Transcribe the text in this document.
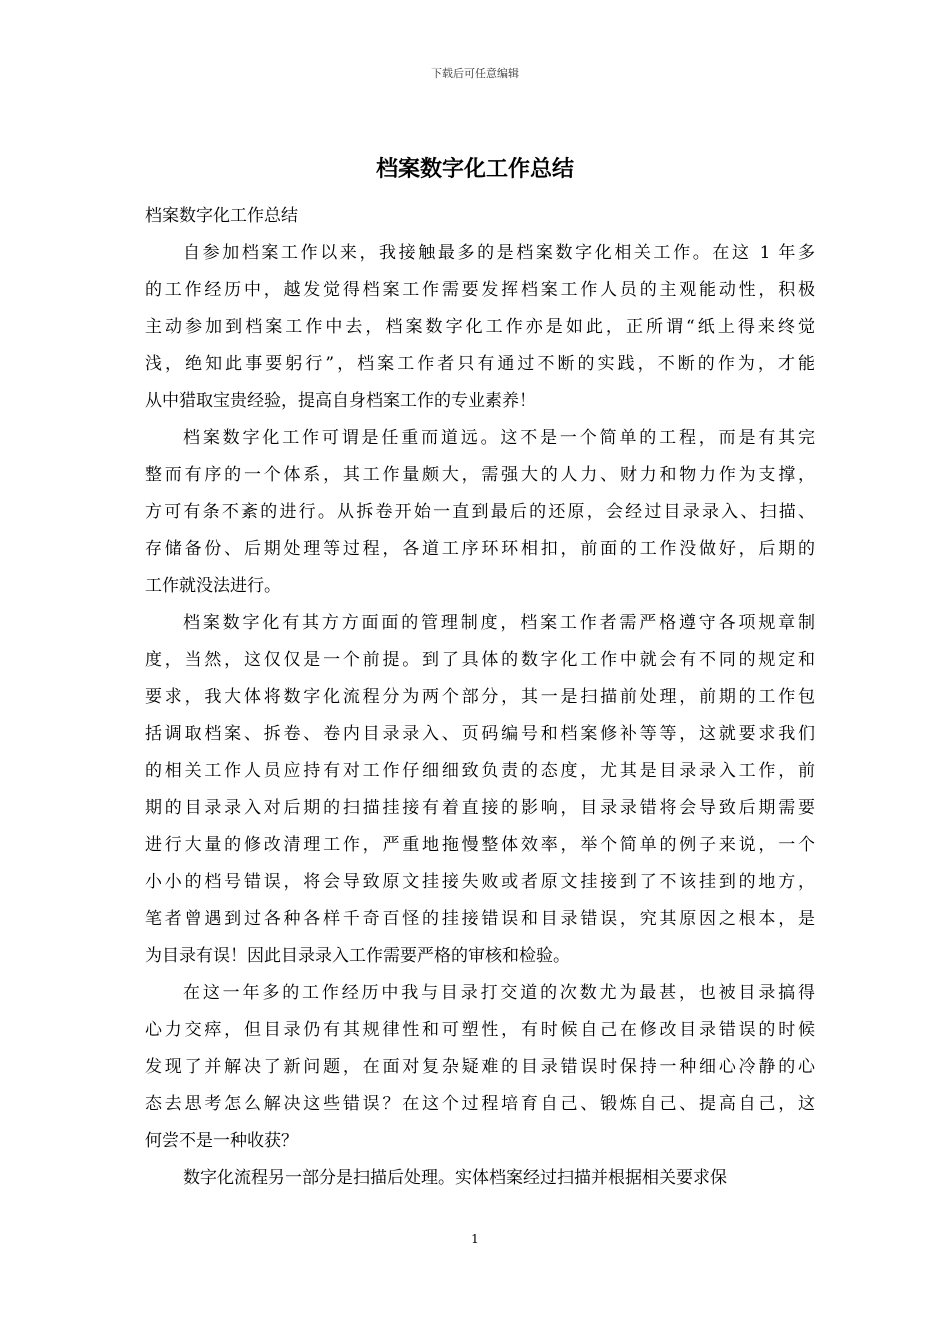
下载后可任意编辑
档案数字化工作总结

档案数字化工作总结

自参加档案工作以来，我接触最多的是档案数字化相关工作。在这 1 年多
的工作经历中，越发觉得档案工作需要发挥档案工作人员的主观能动性，积极
主动参加到档案工作中去，档案数字化工作亦是如此，正所谓“纸上得来终觉
浅，绝知此事要躬行”，档案工作者只有通过不断的实践，不断的作为，才能
从中猎取宝贵经验，提高自身档案工作的专业素养！

档案数字化工作可谓是任重而道远。这不是一个简单的工程，而是有其完
整而有序的一个体系，其工作量颇大，需强大的人力、财力和物力作为支撑，
方可有条不紊的进行。从拆卷开始一直到最后的还原，会经过目录录入、扫描、
存储备份、后期处理等过程，各道工序环环相扣，前面的工作没做好，后期的
工作就没法进行。

档案数字化有其方方面面的管理制度，档案工作者需严格遵守各项规章制
度，当然，这仅仅是一个前提。到了具体的数字化工作中就会有不同的规定和
要求，我大体将数字化流程分为两个部分，其一是扫描前处理，前期的工作包
括调取档案、拆卷、卷内目录录入、页码编号和档案修补等等，这就要求我们
的相关工作人员应持有对工作仔细细致负责的态度，尤其是目录录入工作，前
期的目录录入对后期的扫描挂接有着直接的影响，目录录错将会导致后期需要
进行大量的修改清理工作，严重地拖慢整体效率，举个简单的例子来说，一个
小小的档号错误，将会导致原文挂接失败或者原文挂接到了不该挂到的地方，
笔者曾遇到过各种各样千奇百怪的挂接错误和目录错误，究其原因之根本，是
为目录有误！因此目录录入工作需要严格的审核和检验。

在这一年多的工作经历中我与目录打交道的次数尤为最甚，也被目录搞得
心力交瘁，但目录仍有其规律性和可塑性，有时候自己在修改目录错误的时候
发现了并解决了新问题，在面对复杂疑难的目录错误时保持一种细心冷静的心
态去思考怎么解决这些错误？在这个过程培育自己、锻炼自己、提高自己，这
何尝不是一种收获？

数字化流程另一部分是扫描后处理。实体档案经过扫描并根据相关要求保

1
